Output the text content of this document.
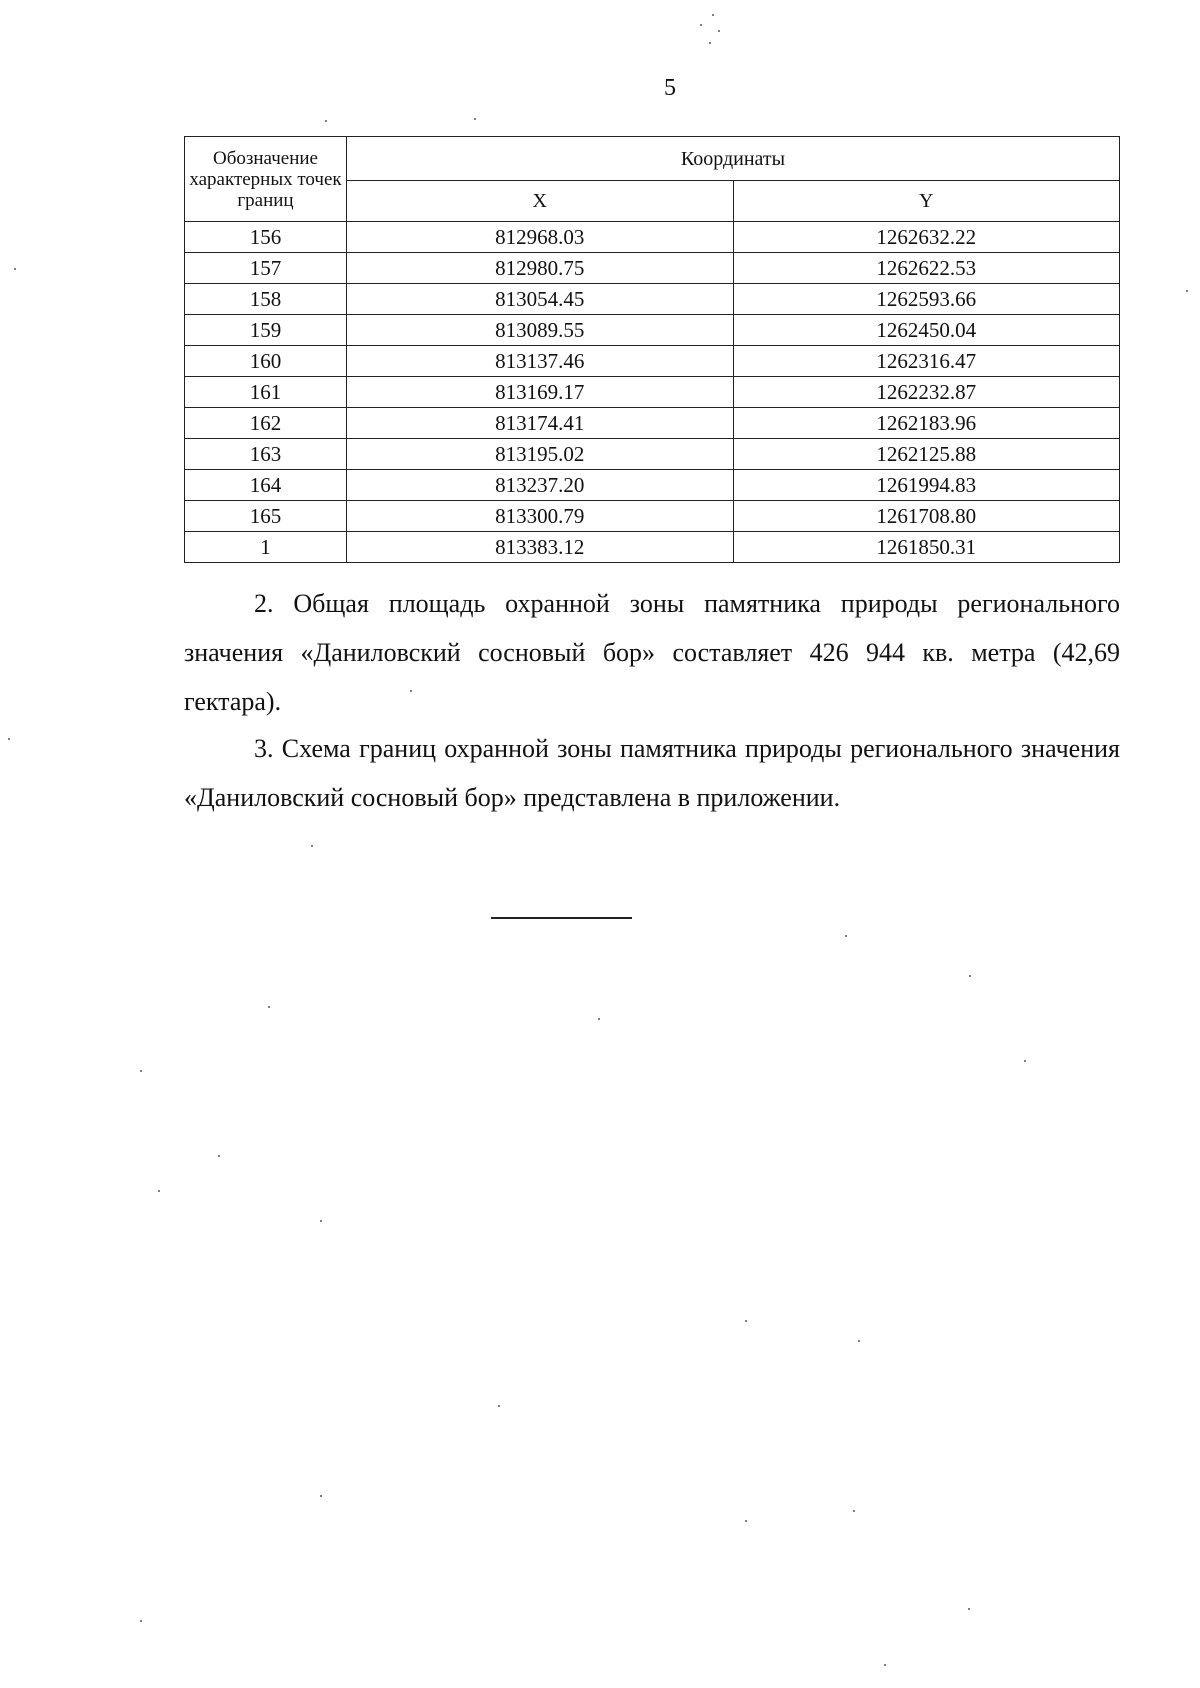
5
Обозначение характерных точек границ	Координаты	
	X	Y
156	812968.03	1262632.22
157	812980.75	1262622.53
158	813054.45	1262593.66
159	813089.55	1262450.04
160	813137.46	1262316.47
161	813169.17	1262232.87
162	813174.41	1262183.96
163	813195.02	1262125.88
164	813237.20	1261994.83
165	813300.79	1261708.80
1	813383.12	1261850.31

2. Общая площадь охранной зоны памятника природы регионального значения «Даниловский сосновый бор» составляет 426 944 кв. метра (42,69 гектара).

3. Схема границ охранной зоны памятника природы регионального значения «Даниловский сосновый бор» представлена в приложении.
